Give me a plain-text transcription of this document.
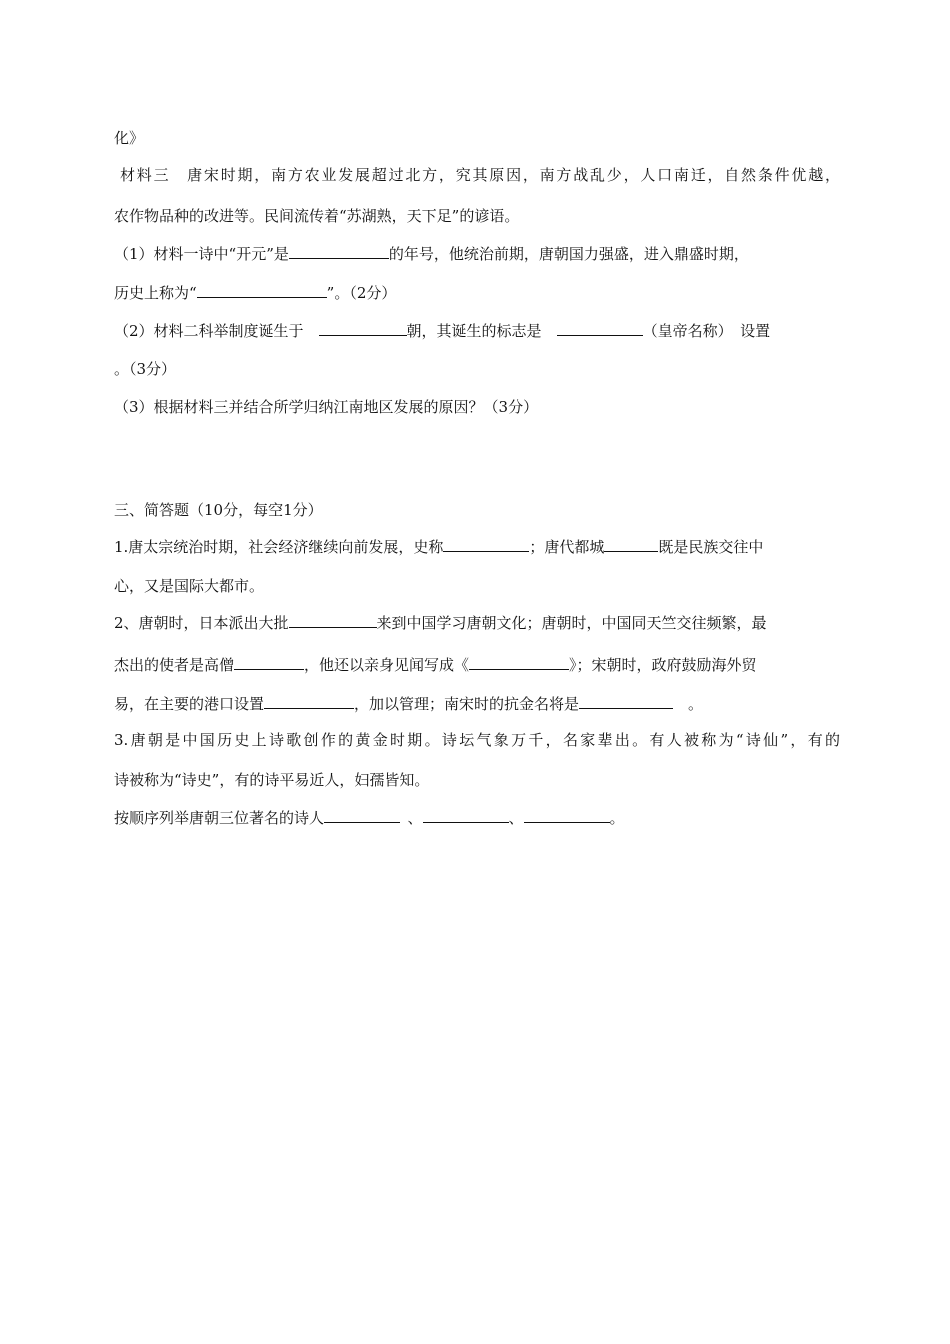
化》
材料三　唐宋时期，南方农业发展超过北方，究其原因，南方战乱少，人口南迁，自然条件优越，
农作物品种的改进等。民间流传着“苏湖熟，天下足”的谚语。
（1）材料一诗中“开元”是	的年号，他统治前期，唐朝国力强盛，进入鼎盛时期，
历史上称为“	”。（2分）
（2）材料二科举制度诞生于 	朝，其诞生的标志是 	（皇帝名称）　设置
。（3分）
（3）根据材料三并结合所学归纳江南地区发展的原因？（3分）
三、简答题（10分，每空1分）
1.唐太宗统治时期，社会经济继续向前发展，史称	；唐代都城	既是民族交往中
心，又是国际大都市。
2、唐朝时，日本派出大批	来到中国学习唐朝文化；唐朝时，中国同天竺交往频繁，最
杰出的使者是高僧	，他还以亲身见闻写成《	》；宋朝时，政府鼓励海外贸
易，在主要的港口设置	，加以管理；南宋时的抗金名将是	　。
3.唐朝是中国历史上诗歌创作的黄金时期。诗坛气象万千，名家辈出。有人被称为“诗仙”，有的
诗被称为“诗史”，有的诗平易近人，妇孺皆知。
按顺序列举唐朝三位著名的诗人 	、	、	。
